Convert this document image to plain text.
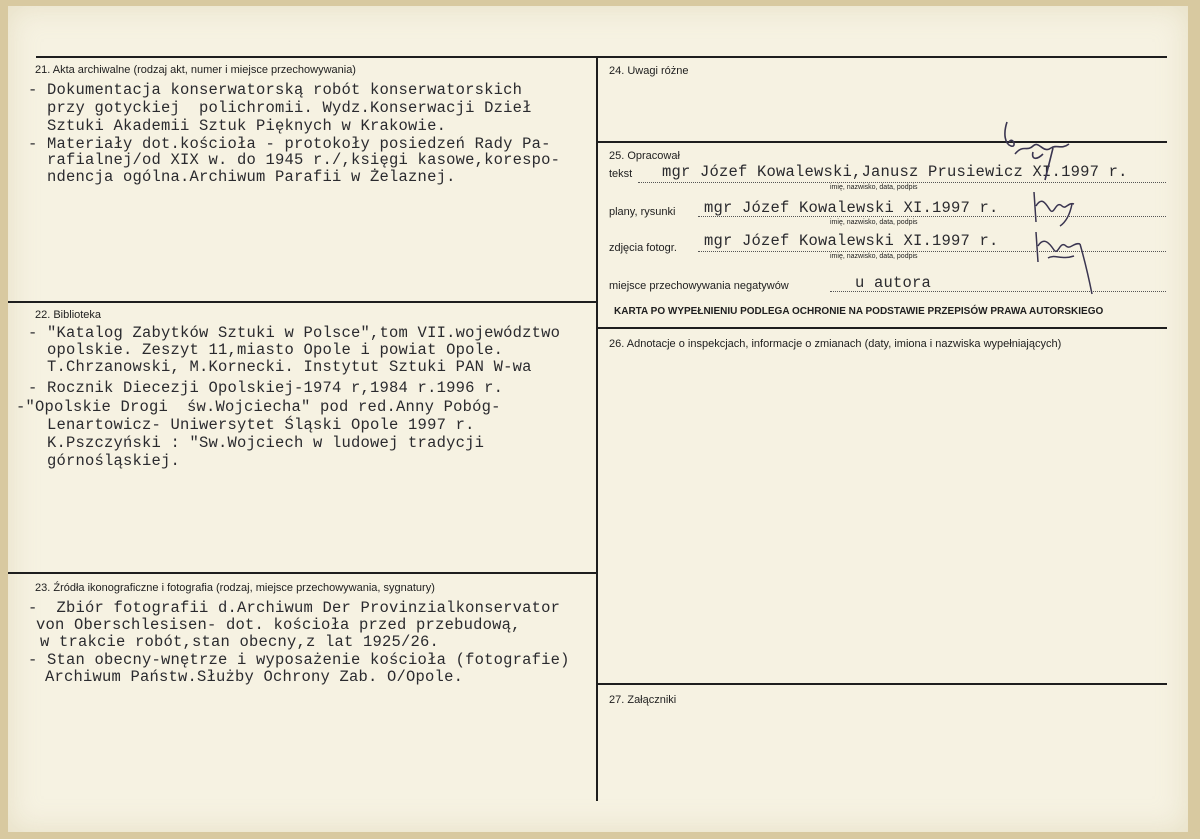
21. Akta archiwalne (rodzaj akt, numer i miejsce przechowywania)
- Dokumentacja konserwatorską robót konserwatorskich
przy gotyckiej  polichromii. Wydz.Konserwacji Dzieł
Sztuki Akademii Sztuk Pięknych w Krakowie.
- Materiały dot.kościoła - protokoły posiedzeń Rady Pa-
rafialnej/od XIX w. do 1945 r./,księgi kasowe,korespo-
ndencja ogólna.Archiwum Parafii w Żelaznej.
22. Biblioteka
- "Katalog Zabytków Sztuki w Polsce",tom VII.województwo
opolskie. Zeszyt 11,miasto Opole i powiat Opole.
T.Chrzanowski, M.Kornecki. Instytut Sztuki PAN W-wa
- Rocznik Diecezji Opolskiej-1974 r,1984 r.1996 r.
-"Opolskie Drogi  św.Wojciecha" pod red.Anny Pobóg-
Lenartowicz- Uniwersytet Śląski Opole 1997 r.
K.Pszczyński : "Sw.Wojciech w ludowej tradycji
górnośląskiej.
23. Źródła ikonograficzne i fotografia (rodzaj, miejsce przechowywania, sygnatury)
-  Zbiór fotografii d.Archiwum Der Provinzialkonservator
von Oberschlesisen- dot. kościoła przed przebudową,
w trakcie robót,stan obecny,z lat 1925/26.
- Stan obecny-wnętrze i wyposażenie kościoła (fotografie)
Archiwum Państw.Służby Ochrony Zab. O/Opole.
24. Uwagi różne
25. Opracował
tekst mgr Józef Kowalewski,Janusz Prusiewicz XI.1997 r.
imię, nazwisko, data, podpis
plany, rysunki mgr Józef Kowalewski XI.1997 r.
imię, nazwisko, data, podpis
zdjęcia fotogr. mgr Józef Kowalewski XI.1997 r.
imię, nazwisko, data, podpis
miejsce przechowywania negatywów	u autora
KARTA PO WYPEŁNIENIU PODLEGA OCHRONIE NA PODSTAWIE PRZEPISÓW PRAWA AUTORSKIEGO
26. Adnotacje o inspekcjach, informacje o zmianach (daty, imiona i nazwiska wypełniających)
27. Załączniki
